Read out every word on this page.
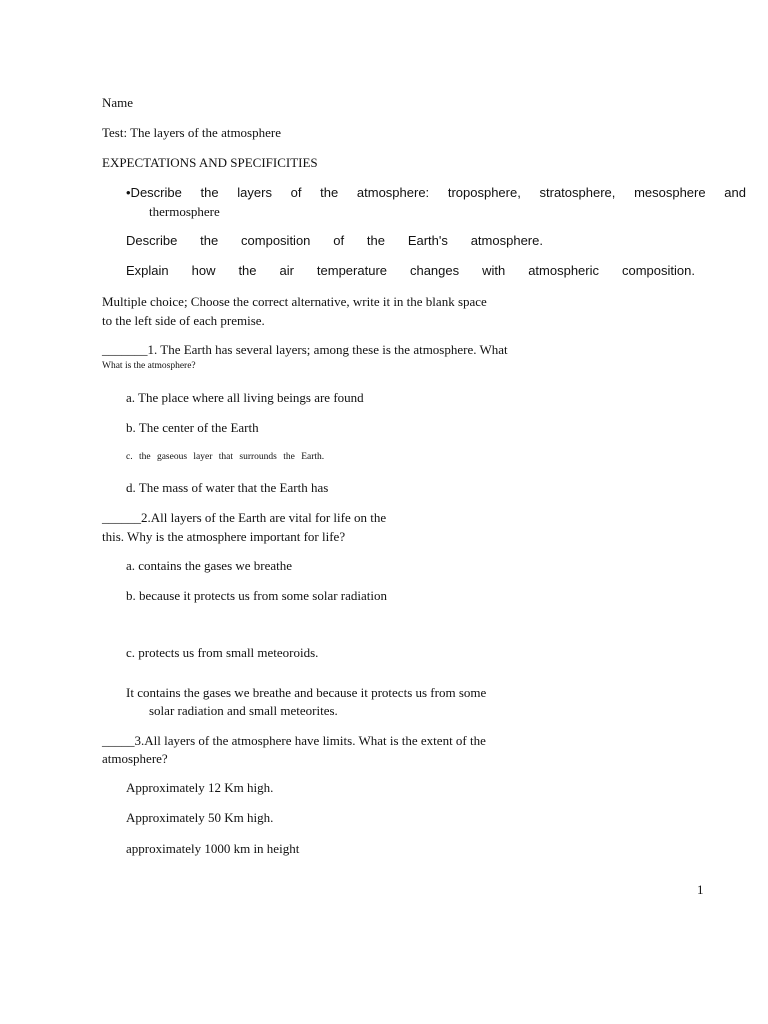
Name
Test: The layers of the atmosphere
EXPECTATIONS AND SPECIFICITIES
•Describe the layers of the atmosphere: troposphere, stratosphere, mesosphere and
thermosphere
Describe the composition of the Earth's atmosphere.
Explain how the air temperature changes with atmospheric composition.
Multiple choice; Choose the correct alternative, write it in the blank space
to the left side of each premise.
_______1. The Earth has several layers; among these is the atmosphere. What
What is the atmosphere?
a. The place where all living beings are found
b. The center of the Earth
c. the gaseous layer that surrounds the Earth.
d. The mass of water that the Earth has
______2.All layers of the Earth are vital for life on the
this. Why is the atmosphere important for life?
a. contains the gases we breathe
b. because it protects us from some solar radiation
c. protects us from small meteoroids.
It contains the gases we breathe and because it protects us from some
solar radiation and small meteorites.
_____3.All layers of the atmosphere have limits. What is the extent of the
atmosphere?
Approximately 12 Km high.
Approximately 50 Km high.
approximately 1000 km in height
1
